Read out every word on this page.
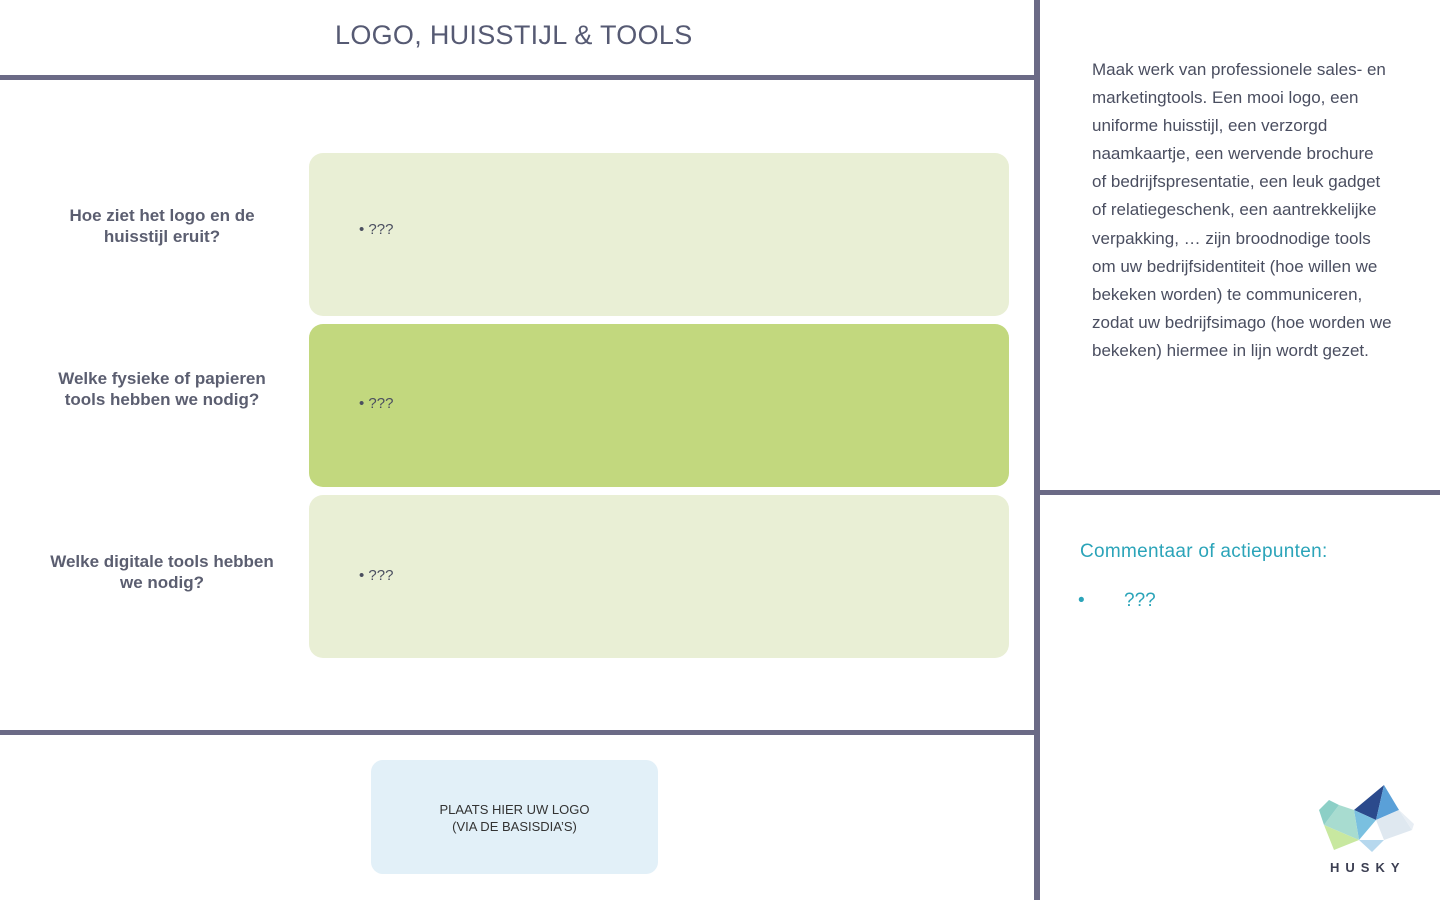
LOGO, HUISSTIJL & TOOLS
Hoe ziet het logo en de huisstijl eruit?
Welke fysieke of papieren tools hebben we nodig?
Welke digitale tools hebben we nodig?
• ???
• ???
• ???
Maak werk van professionele sales- en marketingtools. Een mooi logo, een uniforme huisstijl, een verzorgd naamkaartje, een wervende brochure of bedrijfspresentatie, een leuk gadget of relatiegeschenk, een aantrekkelijke verpakking, … zijn broodnodige tools om uw bedrijfsidentiteit (hoe willen we bekeken worden) te communiceren, zodat uw bedrijfsimago (hoe worden we bekeken) hiermee in lijn wordt gezet.
Commentaar of actiepunten:
• ???
PLAATS HIER UW LOGO
(VIA DE BASISDIA’S)
HUSKY
